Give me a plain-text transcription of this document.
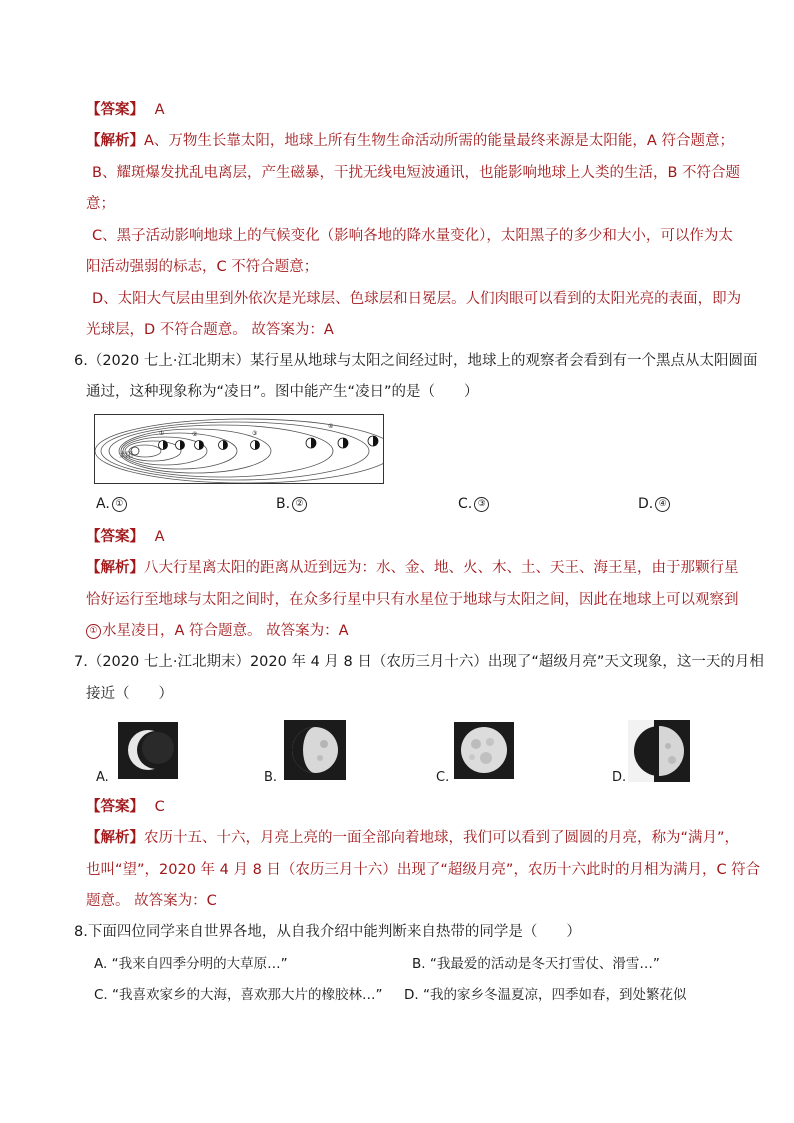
【答案】 A
【解析】A、万物生长靠太阳，地球上所有生物生命活动所需的能量最终来源是太阳能，A 符合题意；
B、耀斑爆发扰乱电离层，产生磁暴，干扰无线电短波通讯，也能影响地球上人类的生活，B 不符合题
意；
C、黑子活动影响地球上的气候变化（影响各地的降水量变化），太阳黑子的多少和大小，可以作为太
阳活动强弱的标志，C 不符合题意；
D、太阳大气层由里到外依次是光球层、色球层和日冕层。人们肉眼可以看到的太阳光亮的表面，即为
光球层，D 不符合题意。 故答案为：A
6.（2020 七上·江北期末）某行星从地球与太阳之间经过时，地球上的观察者会看到有一个黑点从太阳圆面
通过，这种现象称为“凌日”。图中能产生“凌日”的是（　　）
太阳
①	②	③
④
A. ①	B. ②	C. ③	D. ④
【答案】 A
【解析】八大行星离太阳的距离从近到远为：水、金、地、火、木、土、天王、海王星，由于那颗行星
恰好运行至地球与太阳之间时，在众多行星中只有水星位于地球与太阳之间，因此在地球上可以观察到
① 水星凌日，A 符合题意。 故答案为：A
7.（2020 七上·江北期末）2020 年 4 月 8 日（农历三月十六）出现了“超级月亮”天文现象，这一天的月相
接近（　　）
A.	B.	C.	D.
【答案】 C
【解析】农历十五、十六，月亮上亮的一面全部向着地球，我们可以看到了圆圆的月亮，称为“满月”，
也叫“望”，2020 年 4 月 8 日（农历三月十六）出现了“超级月亮”，农历十六此时的月相为满月，C 符合
题意。 故答案为：C
8.下面四位同学来自世界各地，从自我介绍中能判断来自热带的同学是（　　）
A. “我来自四季分明的大草原…”	B. “我最爱的活动是冬天打雪仗、滑雪…”
C. “我喜欢家乡的大海，喜欢那大片的橡胶林…” D. “我的家乡冬温夏凉，四季如春，到处繁花似
